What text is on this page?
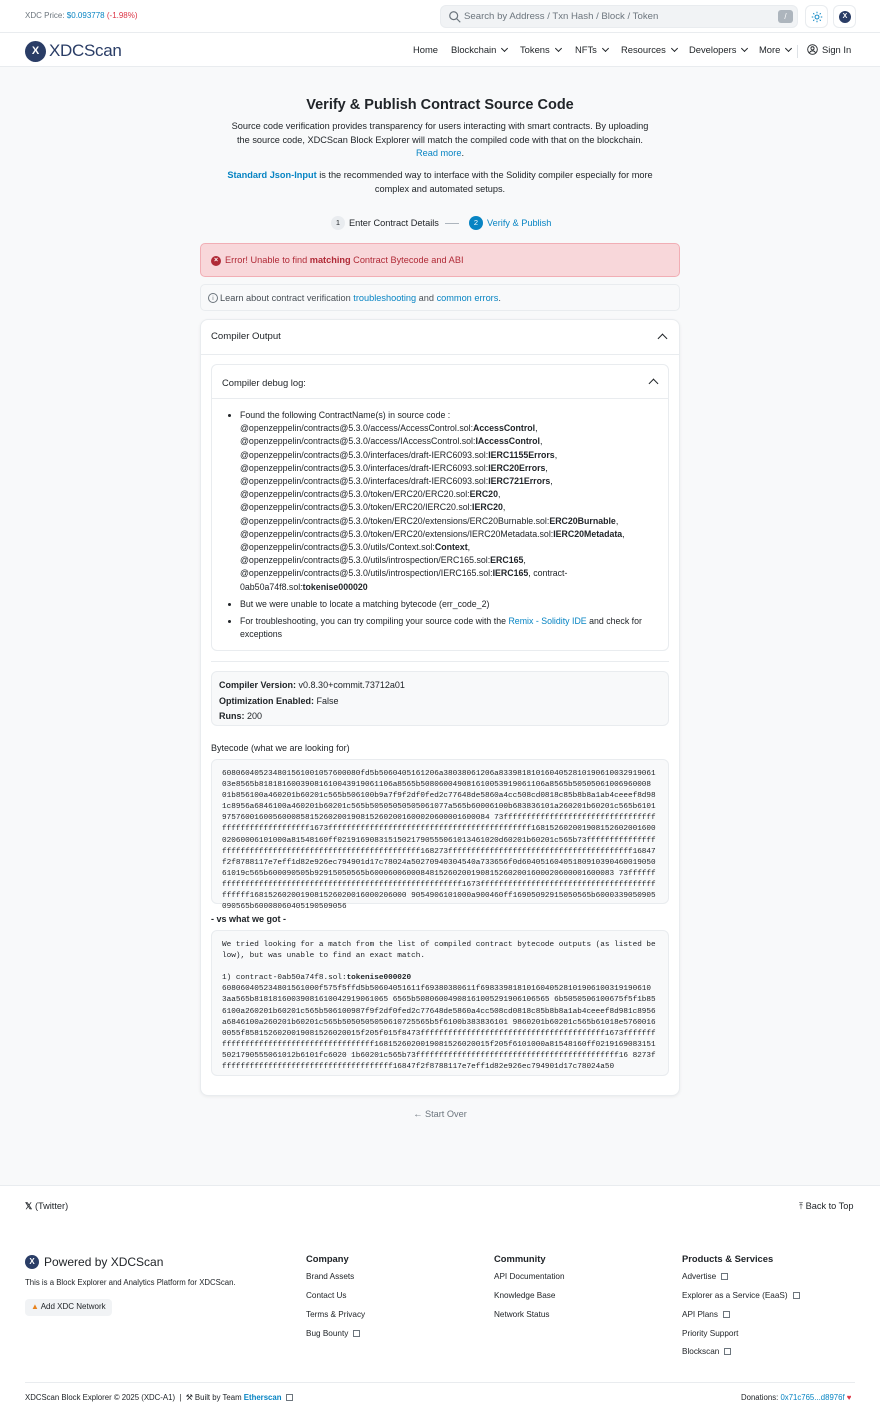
XDC Price: $0.093778 (-1.98%)	Search by Address / Txn Hash / Block / Token	/	X
X XDCScan	Home Blockchain	Tokens	NFTs	Resources Developers More	Sign In
Verify & Publish Contract Source Code
Source code verification provides transparency for users interacting with smart contracts. By uploading the source code, XDCScan Block Explorer will match the compiled code with that on the blockchain.
Read more.
Standard Json-Input is the recommended way to interface with the Solidity compiler especially for more complex and automated setups.
1 Enter Contract Details	2 Verify & Publish
× Error! Unable to find matching Contract Bytecode and ABI
i Learn about contract verification troubleshooting and common errors.
Compiler Output
Compiler debug log:
• Found the following ContractName(s) in source code :
@openzeppelin/contracts@5.3.0/access/AccessControl.sol:AccessControl, @openzeppelin/contracts@5.3.0/access/IAccessControl.sol:IAccessControl, @openzeppelin/contracts@5.3.0/interfaces/draft-IERC6093.sol:IERC1155Errors, @openzeppelin/contracts@5.3.0/interfaces/draft-IERC6093.sol:IERC20Errors, @openzeppelin/contracts@5.3.0/interfaces/draft-IERC6093.sol:IERC721Errors, @openzeppelin/contracts@5.3.0/token/ERC20/ERC20.sol:ERC20, @openzeppelin/contracts@5.3.0/token/ERC20/IERC20.sol:IERC20, @openzeppelin/contracts@5.3.0/token/ERC20/extensions/ERC20Burnable.sol:ERC20Burnable, @openzeppelin/contracts@5.3.0/token/ERC20/extensions/IERC20Metadata.sol:IERC20Metadata, @openzeppelin/contracts@5.3.0/utils/Context.sol:Context, @openzeppelin/contracts@5.3.0/utils/introspection/ERC165.sol:ERC165, @openzeppelin/contracts@5.3.0/utils/introspection/IERC165.sol:IERC165, contract-0ab50a74f8.sol:tokenise000020
• But we were unable to locate a matching bytecode (err_code_2)
• For troubleshooting, you can try compiling your source code with the Remix - Solidity IDE and check for exceptions
Compiler Version: v0.8.30+commit.73712a01
Optimization Enabled: False
Runs: 200
Bytecode (what we are looking for)
608060405234801561001057600080fd5b5060405161206a38038061206a833981810160405281019061003291906103e8565b81818160039081610043919061106a8565b508060049081610053919061106a8565b50505061006960008 01b856100a460201b60201c565b506100b9a7f9f2df0fed2c77648de5860a4cc508cd0818c85b8b8a1ab4ceeef8d981c8956a6846100a460201b60201c565b50505050505061077a565b60006100b683836101a260201b60201c565b61019757600160056000858152602001908152602001600020600001600084 73ffffffffffffffffffffffffffffffffffffffffffffffffffff1673ffffffffffffffffffffffffffffffffffffffffffff16815260200190815260200160002060006101000a81548160ff02191690831515021790555061013461020d60201b60201c565b73ffffffffffffffffffffffffffffffffffffffffffffffffffffffffff168273ffffffffffffffffffffffffffffffffffffffff16847f2f8788117e7eff1d82e926ec794901d17c78024a50270940304540a733656f0d6040516040518091039046001905061019c565b600090505b92915050565b60006006000848152602001908152602001600020600001600083 73ffffffffffffffffffffffffffffffffffffffffffffffffffffffffff1673ffffffffffffffffffffffffffffffffffffffffffff1681526020019081526020016000206000 9054906101000a900460ff16905092915050565b6000339050905090565b60008060405190509056
- vs what we got -
We tried looking for a match from the list of compiled contract bytecode outputs (as listed below), but was unable to find an exact match.

1) contract-0ab50a74f8.sol:tokenise000020
608060405234801561000f575f5ffd5b50604051611f69380380611f6983398181016040528101906100319190610 3aa565b81818160039081610042919061065 6565b50806004908161005291906106565 6b5050506100675f5f1b856100a260201b60201c565b506100987f9f2df0fed2c77648de5860a4cc508cd0818c85b8b8a1ab4ceeef8d981c8956a6846100a260201b60201c565b5050505050610725565b5f6100b383836101 9860201b60201c565b61018e57600160055f8581526020019081526020015f205f015f8473ffffffffffffffffffffffffffffffffffffffff1673ffffffffffffffffffffffffffffffffffffffff1681526020019081526020015f205f6101000a81548160ff02191690831515021790555061012b6101fc6020 1b60201c565b73ffffffffffffffffffffffffffffffffffffffffffff16 8273ffffffffffffffffffffffffffffffffffffff16847f2f8788117e7eff1d82e926ec794901d17c78024a50
← Start Over
𝕏 (Twitter)	⤒ Back to Top
X Powered by XDCScan
This is a Block Explorer and Analytics Platform for XDCScan.
▲ Add XDC Network
Company
Brand Assets
Contact Us
Terms & Privacy
Bug Bounty
Community
API Documentation
Knowledge Base
Network Status
Products & Services
Advertise
Explorer as a Service (EaaS)
API Plans
Priority Support
Blockscan
XDCScan Block Explorer © 2025 (XDC-A1)  |  ⚒ Built by Team Etherscan	Donations: 0x71c765...d8976f ♥
